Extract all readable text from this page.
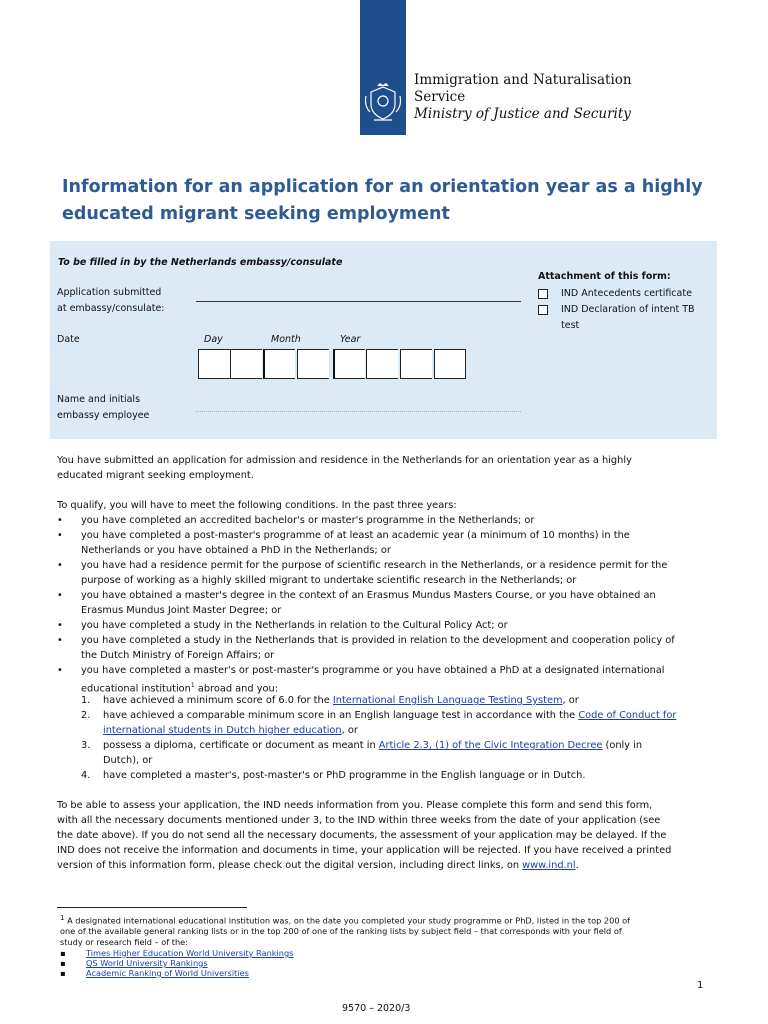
Immigration and Naturalisation
Service
Ministry of Justice and Security
Information for an application for an orientation year as a highly educated migrant seeking employment
To be filled in by the Netherlands embassy/consulate
Application submitted
at embassy/consulate:
Date	Day	Month	Year
Name and initials
embassy employee
Attachment of this form:
IND Antecedents certificate
IND Declaration of intent TB
test
You have submitted an application for admission and residence in the Netherlands for an orientation year as a highly
educated migrant seeking employment.
To qualify, you will have to meet the following conditions. In the past three years:
• you have completed an accredited bachelor's or master's programme in the Netherlands; or
• you have completed a post-master's programme of at least an academic year (a minimum of 10 months) in the
Netherlands or you have obtained a PhD in the Netherlands; or
• you have had a residence permit for the purpose of scientific research in the Netherlands, or a residence permit for the
purpose of working as a highly skilled migrant to undertake scientific research in the Netherlands; or
• you have obtained a master's degree in the context of an Erasmus Mundus Masters Course, or you have obtained an
Erasmus Mundus Joint Master Degree; or
• you have completed a study in the Netherlands in relation to the Cultural Policy Act; or
• you have completed a study in the Netherlands that is provided in relation to the development and cooperation policy of
the Dutch Ministry of Foreign Affairs; or
• you have completed a master's or post-master's programme or you have obtained a PhD at a designated international
educational institution$^1$ abroad and you:
1. have achieved a minimum score of 6.0 for the International English Language Testing System, or
2. have achieved a comparable minimum score in an English language test in accordance with the Code of Conduct for
international students in Dutch higher education, or
3. possess a diploma, certificate or document as meant in Article 2.3, (1) of the Civic Integration Decree (only in
Dutch), or
4. have completed a master's, post-master's or PhD programme in the English language or in Dutch.
To be able to assess your application, the IND needs information from you. Please complete this form and send this form,
with all the necessary documents mentioned under 3, to the IND within three weeks from the date of your application (see
the date above). If you do not send all the necessary documents, the assessment of your application may be delayed. If the
IND does not receive the information and documents in time, your application will be rejected. If you have received a printed
version of this information form, please check out the digital version, including direct links, on www.ind.nl.
$^1$ A designated international educational institution was, on the date you completed your study programme or PhD, listed in the top 200 of
one of the available general ranking lists or in the top 200 of one of the ranking lists by subject field – that corresponds with your field of
study or research field – of the:
▪ Times Higher Education World University Rankings
▪ QS World University Rankings
▪ Academic Ranking of World Universities
1
9570 – 2020/3
